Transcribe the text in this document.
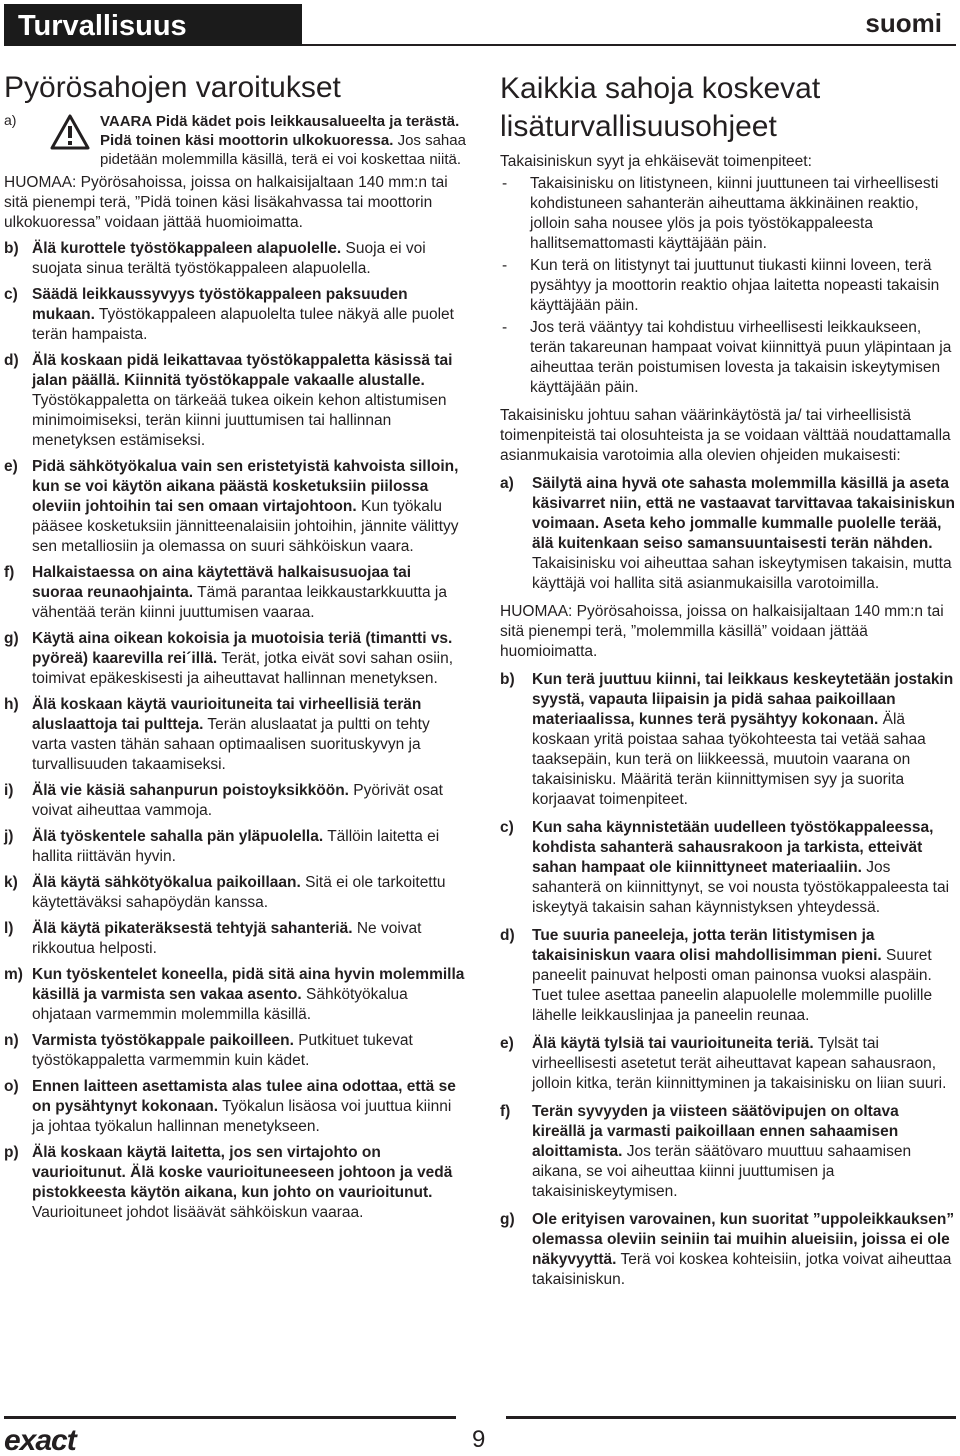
Turvallisuus	suomi
Pyörösahojen varoitukset
a)	VAARA Pidä kädet pois leikkausalueelta ja terästä. Pidä toinen käsi moottorin ulkokuoressa. Jos sahaa pidetään molemmilla käsillä, terä ei voi koskettaa niitä.

HUOMAA: Pyörösahoissa, joissa on halkaisijaltaan 140 mm:n tai sitä pienempi terä, ”Pidä toinen käsi lisäkahvassa tai moottorin ulkokuoressa” voidaan jättää huomioimatta.

b) Älä kurottele työstökappaleen alapuolelle. Suoja ei voi suojata sinua terältä työstökappaleen alapuolella.
c) Säädä leikkaussyvyys työstökappaleen paksuuden mukaan. Työstökappaleen alapuolelta tulee näkyä alle puolet terän hampaista.
d) Älä koskaan pidä leikattavaa työstökappaletta käsissä tai jalan päällä. Kiinnitä työstökappale vakaalle alustalle. Työstökappaletta on tärkeää tukea oikein kehon altistumisen minimoimiseksi, terän kiinni juuttumisen tai hallinnan menetyksen estämiseksi.
e) Pidä sähkötyökalua vain sen eristetyistä kahvoista silloin, kun se voi käytön aikana päästä kosketuksiin piilossa oleviin johtoihin tai sen omaan virtajohtoon. Kun työkalu pääsee kosketuksiin jännitteenalaisiin johtoihin, jännite välittyy sen metalliosiin ja olemassa on suuri sähköiskun vaara.
f) Halkaistaessa on aina käytettävä halkaisusuojaa tai suoraa reunaohjainta. Tämä parantaa leikkaustarkkuutta ja vähentää terän kiinni juuttumisen vaaraa.
g) Käytä aina oikean kokoisia ja muotoisia teriä (timantti vs. pyöreä) kaarevilla rei´illä. Terät, jotka eivät sovi sahan osiin, toimivat epäkeskisesti ja aiheuttavat hallinnan menetyksen.
h) Älä koskaan käytä vaurioituneita tai virheellisiä terän aluslaattoja tai pultteja. Terän aluslaatat ja pultti on tehty varta vasten tähän sahaan optimaalisen suorituskyvyn ja turvallisuuden takaamiseksi.
i) Älä vie käsiä sahanpurun poistoyksikköön. Pyörivät osat voivat aiheuttaa vammoja.
j) Älä työskentele sahalla pän yläpuolella. Tällöin laitetta ei hallita riittävän hyvin.
k) Älä käytä sähkötyökalua paikoillaan. Sitä ei ole tarkoitettu käytettäväksi sahapöydän kanssa.
l) Älä käytä pikateräksestä tehtyjä sahanteriä. Ne voivat rikkoutua helposti.
m) Kun työskentelet koneella, pidä sitä aina hyvin molemmilla käsillä ja varmista sen vakaa asento. Sähkötyökalua ohjataan varmemmin molemmilla käsillä.
n) Varmista työstökappale paikoilleen. Putkituet tukevat työstökappaletta varmemmin kuin kädet.
o) Ennen laitteen asettamista alas tulee aina odottaa, että se on pysähtynyt kokonaan. Työkalun lisäosa voi juuttua kiinni ja johtaa työkalun hallinnan menetykseen.
p) Älä koskaan käytä laitetta, jos sen virtajohto on vaurioitunut. Älä koske vaurioituneeseen johtoon ja vedä pistokkeesta käytön aikana, kun johto on vaurioitunut. Vaurioituneet johdot lisäävät sähköiskun vaaraa.
Kaikkia sahoja koskevat lisäturvallisuusohjeet

Takaisiniskun syyt ja ehkäisevät toimenpiteet:

- Takaisinisku on litistyneen, kiinni juuttuneen tai virheellisesti kohdistuneen sahanterän aiheuttama äkkinäinen reaktio, jolloin saha nousee ylös ja pois työstökappaleesta hallitsemattomasti käyttäjään päin.
- Kun terä on litistynyt tai juuttunut tiukasti kiinni loveen, terä pysähtyy ja moottorin reaktio ohjaa laitetta nopeasti takaisin käyttäjään päin.
- Jos terä vääntyy tai kohdistuu virheellisesti leikkaukseen, terän takareunan hampaat voivat kiinnittyä puun yläpintaan ja aiheuttaa terän poistumisen lovesta ja takaisin iskeytymisen käyttäjään päin.

Takaisinisku johtuu sahan väärinkäytöstä ja/ tai virheellisistä toimenpiteistä tai olosuhteista ja se voidaan välttää noudattamalla asianmukaisia varotoimia alla olevien ohjeiden mukaisesti:

a) Säilytä aina hyvä ote sahasta molemmilla käsillä ja aseta käsivarret niin, että ne vastaavat tarvittavaa takaisiniskun voimaan. Aseta keho jommalle kummalle puolelle terää, älä kuitenkaan seiso samansuuntaisesti terän nähden. Takaisinisku voi aiheuttaa sahan iskeytymisen takaisin, mutta käyttäjä voi hallita sitä asianmukaisilla varotoimilla.

HUOMAA: Pyörösahoissa, joissa on halkaisijaltaan 140 mm:n tai sitä pienempi terä, ”molemmilla käsillä” voidaan jättää huomioimatta.

b) Kun terä juuttuu kiinni, tai leikkaus keskeytetään jostakin syystä, vapauta liipaisin ja pidä sahaa paikoillaan materiaalissa, kunnes terä pysähtyy kokonaan. Älä koskaan yritä poistaa sahaa työkohteesta tai vetää sahaa taaksepäin, kun terä on liikkeessä, muutoin vaarana on takaisinisku. Määritä terän kiinnittymisen syy ja suorita korjaavat toimenpiteet.
c) Kun saha käynnistetään uudelleen työstökappaleessa, kohdista sahanterä sahausrakoon ja tarkista, etteivät sahan hampaat ole kiinnittyneet materiaaliin. Jos sahanterä on kiinnittynyt, se voi nousta työstökappaleesta tai iskeytyä takaisin sahan käynnistyksen yhteydessä.
d) Tue suuria paneeleja, jotta terän litistymisen ja takaisiniskun vaara olisi mahdollisimman pieni. Suuret paneelit painuvat helposti oman painonsa vuoksi alaspäin. Tuet tulee asettaa paneelin alapuolelle molemmille puolille lähelle leikkauslinjaa ja paneelin reunaa.
e) Älä käytä tylsiä tai vaurioituneita teriä. Tylsät tai virheellisesti asetetut terät aiheuttavat kapean sahausraon, jolloin kitka, terän kiinnittyminen ja takaisinisku on liian suuri.
f) Terän syvyyden ja viisteen säätövipujen on oltava kireällä ja varmasti paikoillaan ennen sahaamisen aloittamista. Jos terän säätövaro muuttuu sahaamisen aikana, se voi aiheuttaa kiinni juuttumisen ja takaisiniskeytymisen.
g) Ole erityisen varovainen, kun suoritat ”uppoleikkauksen” olemassa oleviin seiniin tai muihin alueisiin, joissa ei ole näkyvyyttä. Terä voi koskea kohteisiin, jotka voivat aiheuttaa takaisiniskun.
exact	9
